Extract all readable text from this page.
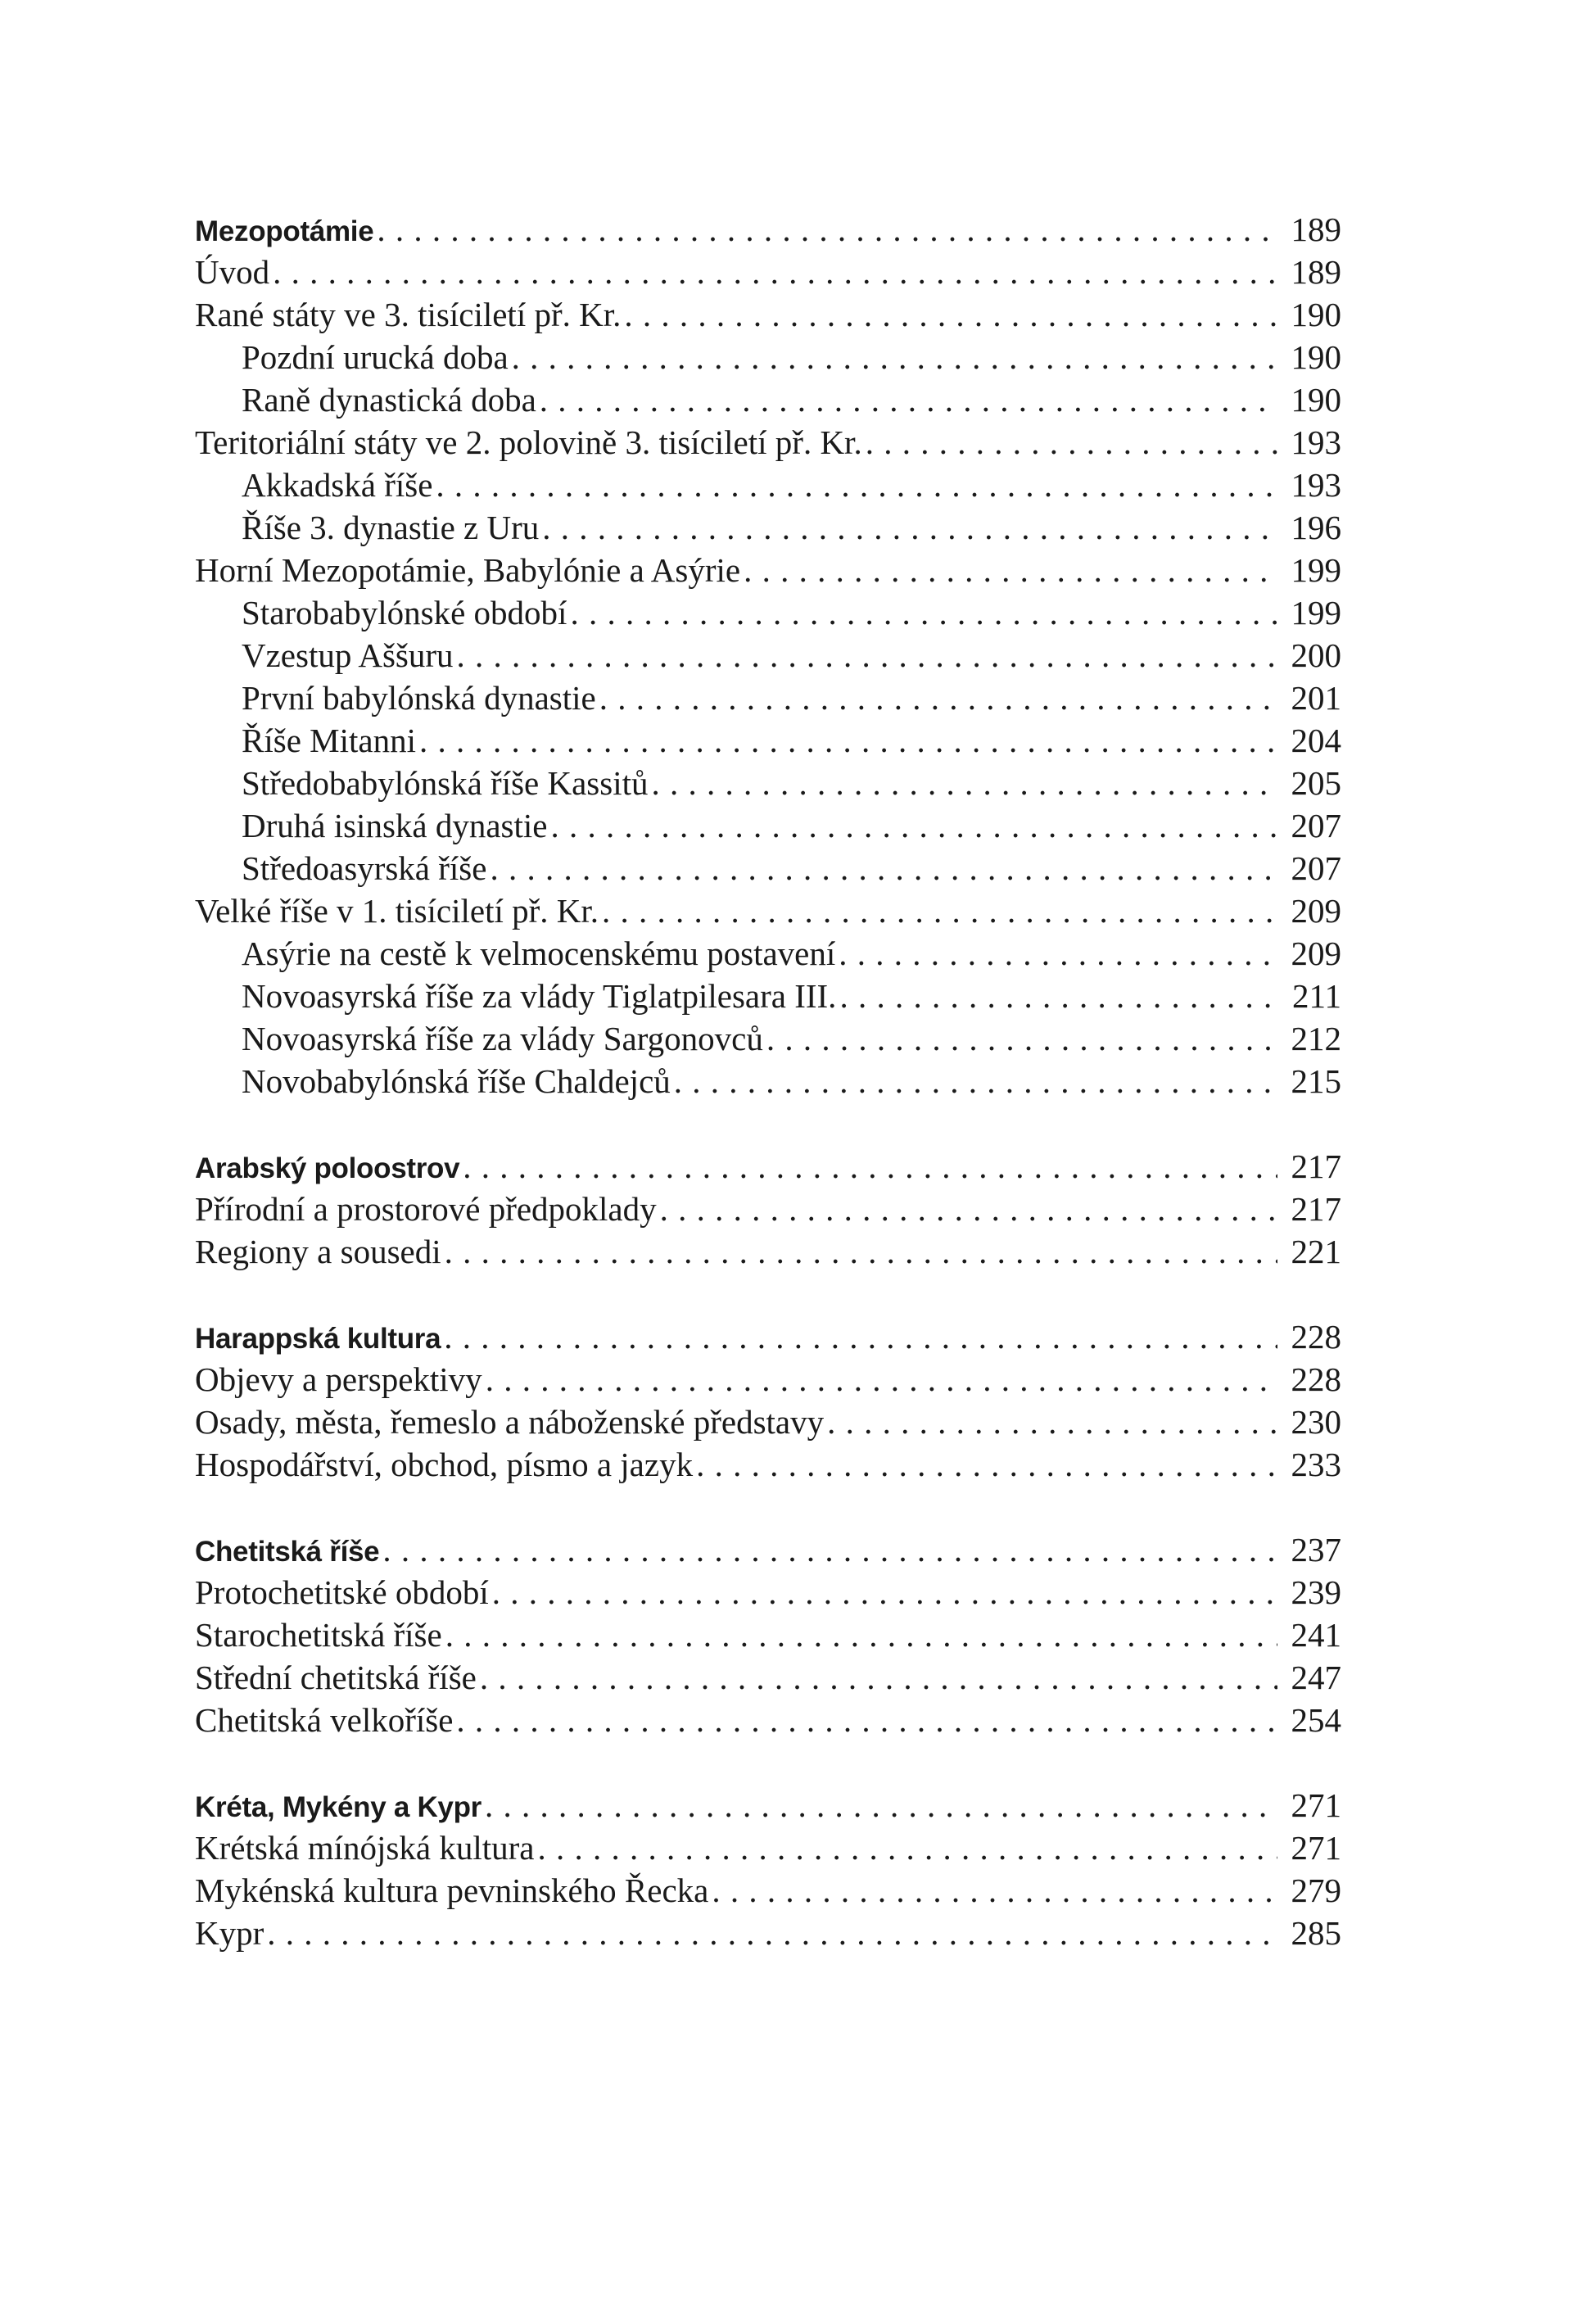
Mezopotámie . . .	189
Úvod . . .	189
Rané státy ve 3. tisíciletí př. Kr. . . .	190
Pozdní urucká doba . . .	190
Raně dynastická doba . . .	190
Teritoriální státy ve 2. polovině 3. tisíciletí př. Kr. . . .	193
Akkadská říše . . .	193
Říše 3. dynastie z Uru . . .	196
Horní Mezopotámie, Babylónie a Asýrie . . .	199
Starobabylónské období . . .	199
Vzestup Aššuru . . .	200
První babylónská dynastie . . .	201
Říše Mitanni . . .	204
Středobabylónská říše Kassitů . . .	205
Druhá isinská dynastie . . .	207
Středoasyrská říše . . .	207
Velké říše v 1. tisíciletí př. Kr. . . .	209
Asýrie na cestě k velmocenskému postavení . . .	209
Novoasyrská říše za vlády Tiglatpilesara III. . . .	211
Novoasyrská říše za vlády Sargonovců . . .	212
Novobabylónská říše Chaldejců . . .	215
Arabský poloostrov . . .	217
Přírodní a prostorové předpoklady . . .	217
Regiony a sousedi . . .	221
Harappská kultura . . .	228
Objevy a perspektivy . . .	228
Osady, města, řemeslo a náboženské představy . . .	230
Hospodářství, obchod, písmo a jazyk . . .	233
Chetitská říše . . .	237
Protochetitské období . . .	239
Starochetitská říše . . .	241
Střední chetitská říše . . .	247
Chetitská velkoříše . . .	254
Kréta, Mykény a Kypr . . .	271
Krétská mínójská kultura . . .	271
Mykénská kultura pevninského Řecka . . .	279
Kypr . . .	285
